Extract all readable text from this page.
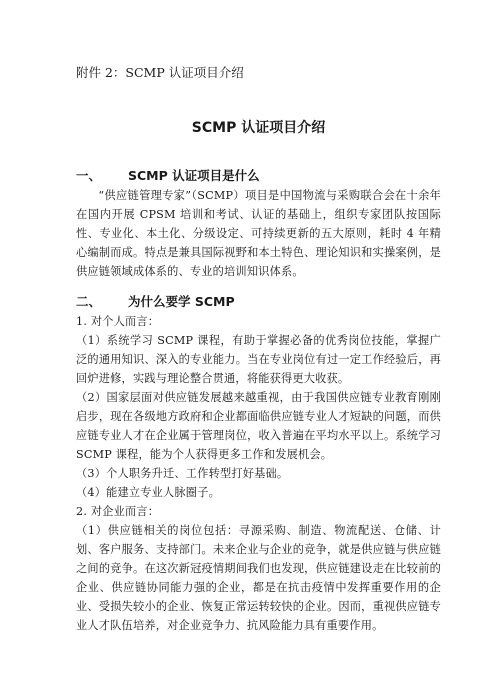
附件 2：SCMP 认证项目介绍
SCMP 认证项目介绍
一、 SCMP 认证项目是什么

“供应链管理专家”（SCMP）项目是中国物流与采购联合会在十余年在国内开展 CPSM 培训和考试、认证的基础上，组织专家团队按国际性、专业化、本土化、分级设定、可持续更新的五大原则，耗时 4 年精心编制而成。特点是兼具国际视野和本土特色、理论知识和实操案例，是供应链领域成体系的、专业的培训知识体系。

二、 为什么要学 SCMP
1. 对个人而言：

（1）系统学习 SCMP 课程，有助于掌握必备的优秀岗位技能，掌握广泛的通用知识、深入的专业能力。当在专业岗位有过一定工作经验后，再回炉进修，实践与理论整合贯通，将能获得更大收获。

（2）国家层面对供应链发展越来越重视，由于我国供应链专业教育刚刚启步，现在各级地方政府和企业都面临供应链专业人才短缺的问题，而供应链专业人才在企业属于管理岗位，收入普遍在平均水平以上。系统学习 SCMP 课程，能为个人获得更多工作和发展机会。

（3）个人职务升迁、工作转型打好基础。

（4）能建立专业人脉圈子。

2. 对企业而言：

（1）供应链相关的岗位包括：寻源采购、制造、物流配送、仓储、计划、客户服务、支持部门。未来企业与企业的竞争，就是供应链与供应链之间的竞争。在这次新冠疫情期间我们也发现，供应链建设走在比较前的企业、供应链协同能力强的企业，都是在抗击疫情中发挥重要作用的企业、受损失较小的企业、恢复正常运转较快的企业。因而，重视供应链专业人才队伍培养，对企业竞争力、抗风险能力具有重要作用。
